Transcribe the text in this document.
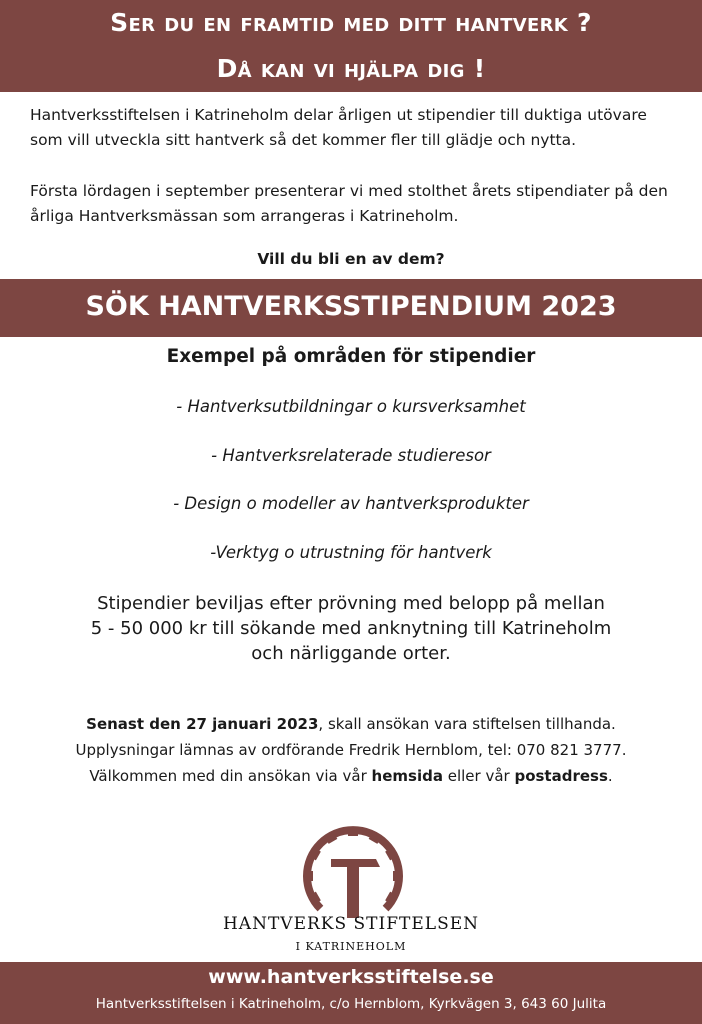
Ser du en framtid med ditt hantverk ?
Då kan vi hjälpa dig !

Hantverksstiftelsen i Katrineholm delar årligen ut stipendier till duktiga utövare som vill utveckla sitt hantverk så det kommer fler till glädje och nytta.

Första lördagen i september presenterar vi med stolthet årets stipendiater på den årliga Hantverksmässan som arrangeras i Katrineholm.

Vill du bli en av dem?
SÖK HANTVERKSSTIPENDIUM 2023
Exempel på områden för stipendier
- Hantverksutbildningar o kursverksamhet
- Hantverksrelaterade studieresor
- Design o modeller av hantverksprodukter
-Verktyg o utrustning för hantverk
Stipendier beviljas efter prövning med belopp på mellan
5 - 50 000 kr till sökande med anknytning till Katrineholm
och närliggande orter.
Senast den 27 januari 2023, skall ansökan vara stiftelsen tillhanda.
Upplysningar lämnas av ordförande Fredrik Hernblom, tel: 070 821 3777.
Välkommen med din ansökan via vår hemsida eller vår postadress.
HANTVERKS STIFTELSEN
I KATRINEHOLM
www.hantverksstiftelse.se
Hantverksstiftelsen i Katrineholm, c/o Hernblom, Kyrkvägen 3, 643 60 Julita
